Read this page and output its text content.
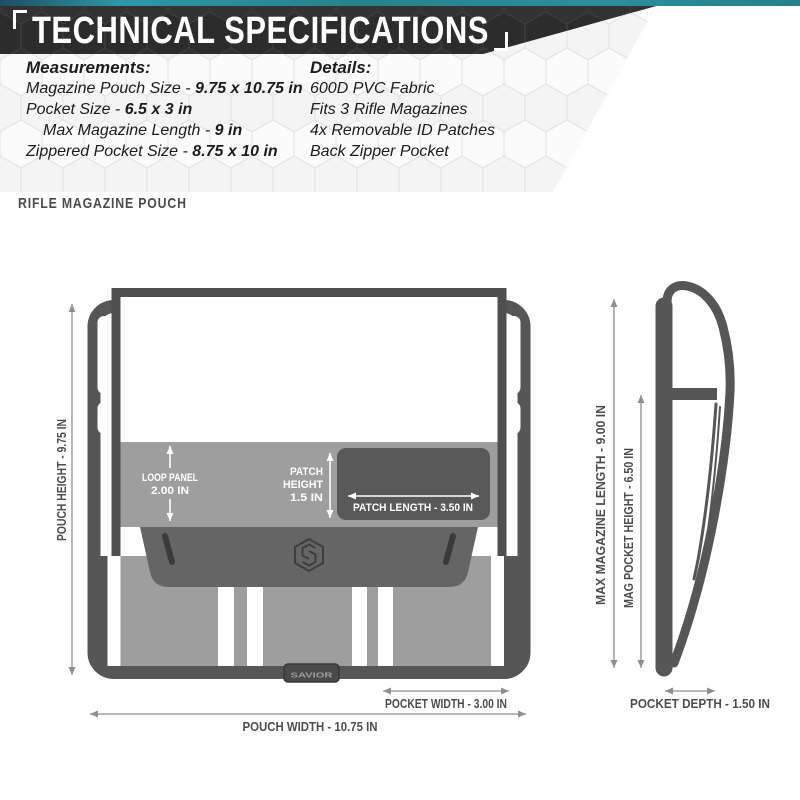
TECHNICAL SPECIFICATIONS
Measurements:
Magazine Pouch Size - 9.75 x 10.75 in
Pocket Size - 6.5 x 3 in
Max Magazine Length - 9 in
Zippered Pocket Size - 8.75 x 10 in
Details:
600D PVC Fabric
Fits 3 Rifle Magazines
4x Removable ID Patches
Back Zipper Pocket
RIFLE MAGAZINE POUCH
POUCH HEIGHT - 9.75 IN
POUCH WIDTH - 10.75 IN
POCKET WIDTH - 3.00 IN
LOOP PANEL
2.00 IN
PATCH
HEIGHT
1.5 IN
PATCH LENGTH - 3.50 IN
SAVIOR
MAX MAGAZINE LENGTH - 9.00 IN MAG POCKET HEIGHT - 6.50 IN
POCKET DEPTH - 1.50 IN
